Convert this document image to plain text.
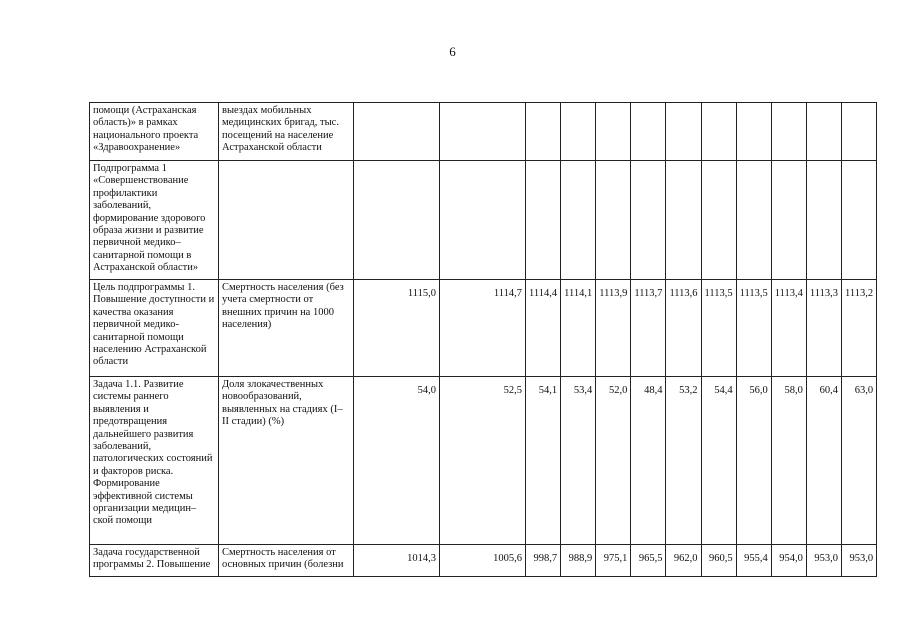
6
помощи (Астраханская область)» в рамках национального проекта «Здравоохранение»	выездах мобильных медицинских бригад, тыс. посещений на население Астраханской области												
Подпрограмма 1 «Совершенствование профилактики заболеваний, формирование здорового образа жизни и развитие первичной медико–санитарной помощи в Астраханской области»													
Цель подпрограммы 1. Повышение доступности и качества оказания первичной медико-санитарной помощи населению Астраханской области	Смертность населения (без учета смертности от внешних причин на 1000 населения)	1115,0	1114,7	1114,4	1114,1	1113,9	1113,7	1113,6	1113,5	1113,5	1113,4	1113,3	1113,2
Задача 1.1. Развитие системы раннего выявления и предотвращения дальнейшего развития заболеваний, патологических состояний и факторов риска. Формирование эффективной системы организации медицин–ской помощи	Доля злокачественных новообразований, выявленных на стадиях (I– II стадии) (%)	54,0	52,5	54,1	53,4	52,0	48,4	53,2	54,4	56,0	58,0	60,4	63,0
Задача государственной программы 2. Повышение	Смертность населения от основных причин (болезни	1014,3	1005,6	998,7	988,9	975,1	965,5	962,0	960,5	955,4	954,0	953,0	953,0
